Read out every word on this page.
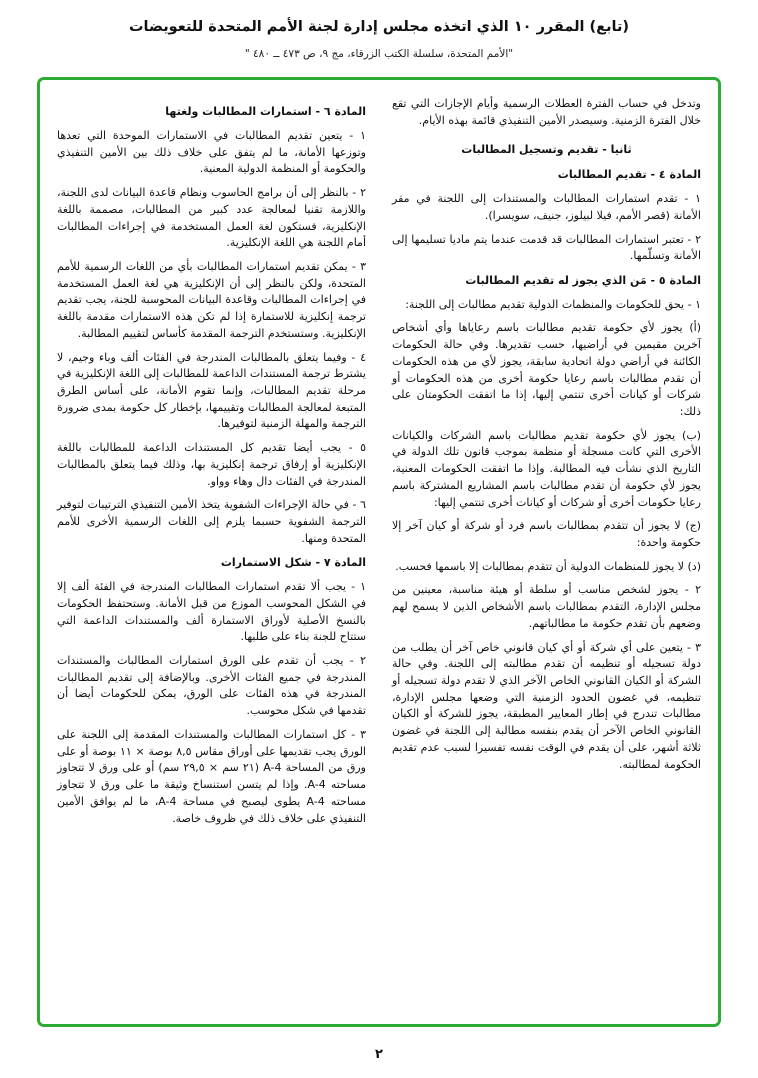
(تابع) المقرر ١٠ الذي اتخذه مجلس إدارة لجنة الأمم المتحدة للتعويضات
"الأمم المتحدة، سلسلة الكتب الزرقاء، مج ٩، ص ٤٧٣ ــ ٤٨٠ "
وتدخل في حساب الفترة العطلات الرسمية وأيام الإجازات التي تقع خلال الفترة الزمنية. وسيصدر الأمين التنفيذي قائمة بهذه الأيام.
ثانيا - تقديم وتسجيل المطالبات
المادة ٤ - تقديم المطالبات
١ - تقدم استمارات المطالبات والمستندات إلى اللجنة في مقر الأمانة (قصر الأمم، فيلا لبيلوز، جنيف، سويسرا).
٢ - تعتبر استمارات المطالبات قد قدمت عندما يتم ماديا تسليمها إلى الأمانة وتسلّمها.
المادة ٥ - مَن الذي يجوز له تقديم المطالبات
١ - يحق للحكومات والمنظمات الدولية تقديم مطالبات إلى اللجنة:
(أ) يجوز لأي حكومة تقديم مطالبات باسم رعاياها وأي أشخاص آخرين مقيمين في أراضيها، حسب تقديرها. وفي حالة الحكومات الكائنة في أراضي دولة اتحادية سابقة، يجوز لأي من هذه الحكومات أن تقدم مطالبات باسم رعايا حكومة أخرى من هذه الحكومات أو شركات أو كيانات أخرى تنتمي إليها، إذا ما اتفقت الحكومتان على ذلك:
(ب) يجوز لأي حكومة تقديم مطالبات باسم الشركات والكيانات الأخرى التي كانت مسجلة أو منظمة بموجب قانون تلك الدولة في التاريخ الذي نشأت فيه المطالبة. وإذا ما اتفقت الحكومات المعنية، يجوز لأي حكومة أن تقدم مطالبات باسم المشاريع المشتركة باسم رعايا حكومات أخرى أو شركات أو كيانات أخرى تنتمي إليها:
(ج) لا يجوز أن تتقدم بمطالبات باسم فرد أو شركة أو كيان آخر إلا حكومة واحدة:
(د) لا يجوز للمنظمات الدولية أن تتقدم بمطالبات إلا باسمها فحسب.
٢ - يجوز لشخص مناسب أو سلطة أو هيئة مناسبة، معينين من مجلس الإدارة، التقدم بمطالبات باسم الأشخاص الذين لا يسمح لهم وضعهم بأن تقدم حكومة ما مطالباتهم.
٣ - يتعين على أي شركة أو أي كيان قانوني خاص آخر أن يطلب من دولة تسجيله أو تنظيمه أن تقدم مطالبته إلى اللجنة. وفي حالة الشركة أو الكيان القانوني الخاص الآخر الذي لا تقدم دولة تسجيله أو تنظيمه، في غضون الحدود الزمنية التي وضعها مجلس الإدارة، مطالبات تندرج في إطار المعايير المطبقة، يجوز للشركة أو الكيان القانوني الخاص الآخر أن يقدم بنفسه مطالبة إلى اللجنة في غضون ثلاثة أشهر، على أن يقدم في الوقت نفسه تفسيرا لسبب عدم تقديم الحكومة لمطالبته.
المادة ٦ - استمارات المطالبات ولغتها
١ - يتعين تقديم المطالبات في الاستمارات الموحدة التي تعدها وتوزعها الأمانة، ما لم يتفق على خلاف ذلك بين الأمين التنفيذي والحكومة أو المنظمة الدولية المعنية.
٢ - بالنظر إلى أن برامج الحاسوب ونظام قاعدة البيانات لدى اللجنة، واللازمة تقنيا لمعالجة عدد كبير من المطالبات، مصممة باللغة الإنكليزية، فستكون لغة العمل المستخدمة في إجراءات المطالبات أمام اللجنة هي اللغة الإنكليزية.
٣ - يمكن تقديم استمارات المطالبات بأي من اللغات الرسمية للأمم المتحدة، ولكن بالنظر إلى أن الإنكليزية هي لغة العمل المستخدمة في إجراءات المطالبات وقاعدة البيانات المحوسبة للجنة، يجب تقديم ترجمة إنكليزية للاستمارة إذا لم تكن هذه الاستمارات مقدمة باللغة الإنكليزية. وستستخدم الترجمة المقدمة كأساس لتقييم المطالبة.
٤ - وفيما يتعلق بالمطالبات المندرجة في الفئات ألف وباء وجيم، لا يشترط ترجمة المستندات الداعمة للمطالبات إلى اللغة الإنكليزية في مرحلة تقديم المطالبات، وإنما تقوم الأمانة، على أساس الطرق المتبعة لمعالجة المطالبات وتقييمها، بإخطار كل حكومة بمدى ضرورة الترجمة والمهلة الزمنية لتوفيرها.
٥ - يجب أيضا تقديم كل المستندات الداعمة للمطالبات باللغة الإنكليزية أو إرفاق ترجمة إنكليزية بها، وذلك فيما يتعلق بالمطالبات المندرجة في الفئات دال وهاء وواو.
٦ - في حالة الإجراءات الشفوية يتخذ الأمين التنفيذي الترتيبات لتوفير الترجمة الشفوية حسبما يلزم إلى اللغات الرسمية الأخرى للأمم المتحدة ومنها.
المادة ٧ - شكل الاستمارات
١ - يجب ألا تقدم استمارات المطالبات المندرجة في الفئة ألف إلا في الشكل المحوسب الموزع من قبل الأمانة. وستحتفظ الحكومات بالنسخ الأصلية لأوراق الاستمارة ألف والمستندات الداعمة التي ستتاح للجنة بناء على طلبها.
٢ - يجب أن تقدم على الورق استمارات المطالبات والمستندات المندرجة في جميع الفئات الأخرى. وبالإضافة إلى تقديم المطالبات المندرجة في هذه الفئات على الورق، يمكن للحكومات أيضا أن تقدمها في شكل محوسب.
٣ - كل استمارات المطالبات والمستندات المقدمة إلى اللجنة على الورق يجب تقديمها على أوراق مقاس ٨,٥ بوصة × ١١ بوصة أو على ورق من المساحة A-4 (٢١ سم × ٢٩,٥ سم) أو على ورق لا تتجاوز مساحته A-4. وإذا لم يتسن استنساخ وثيقة ما على ورق لا تتجاوز مساحته A-4 يطوى ليصبح في مساحة A-4، ما لم يوافق الأمين التنفيذي على خلاف ذلك في ظروف خاصة.
٢
